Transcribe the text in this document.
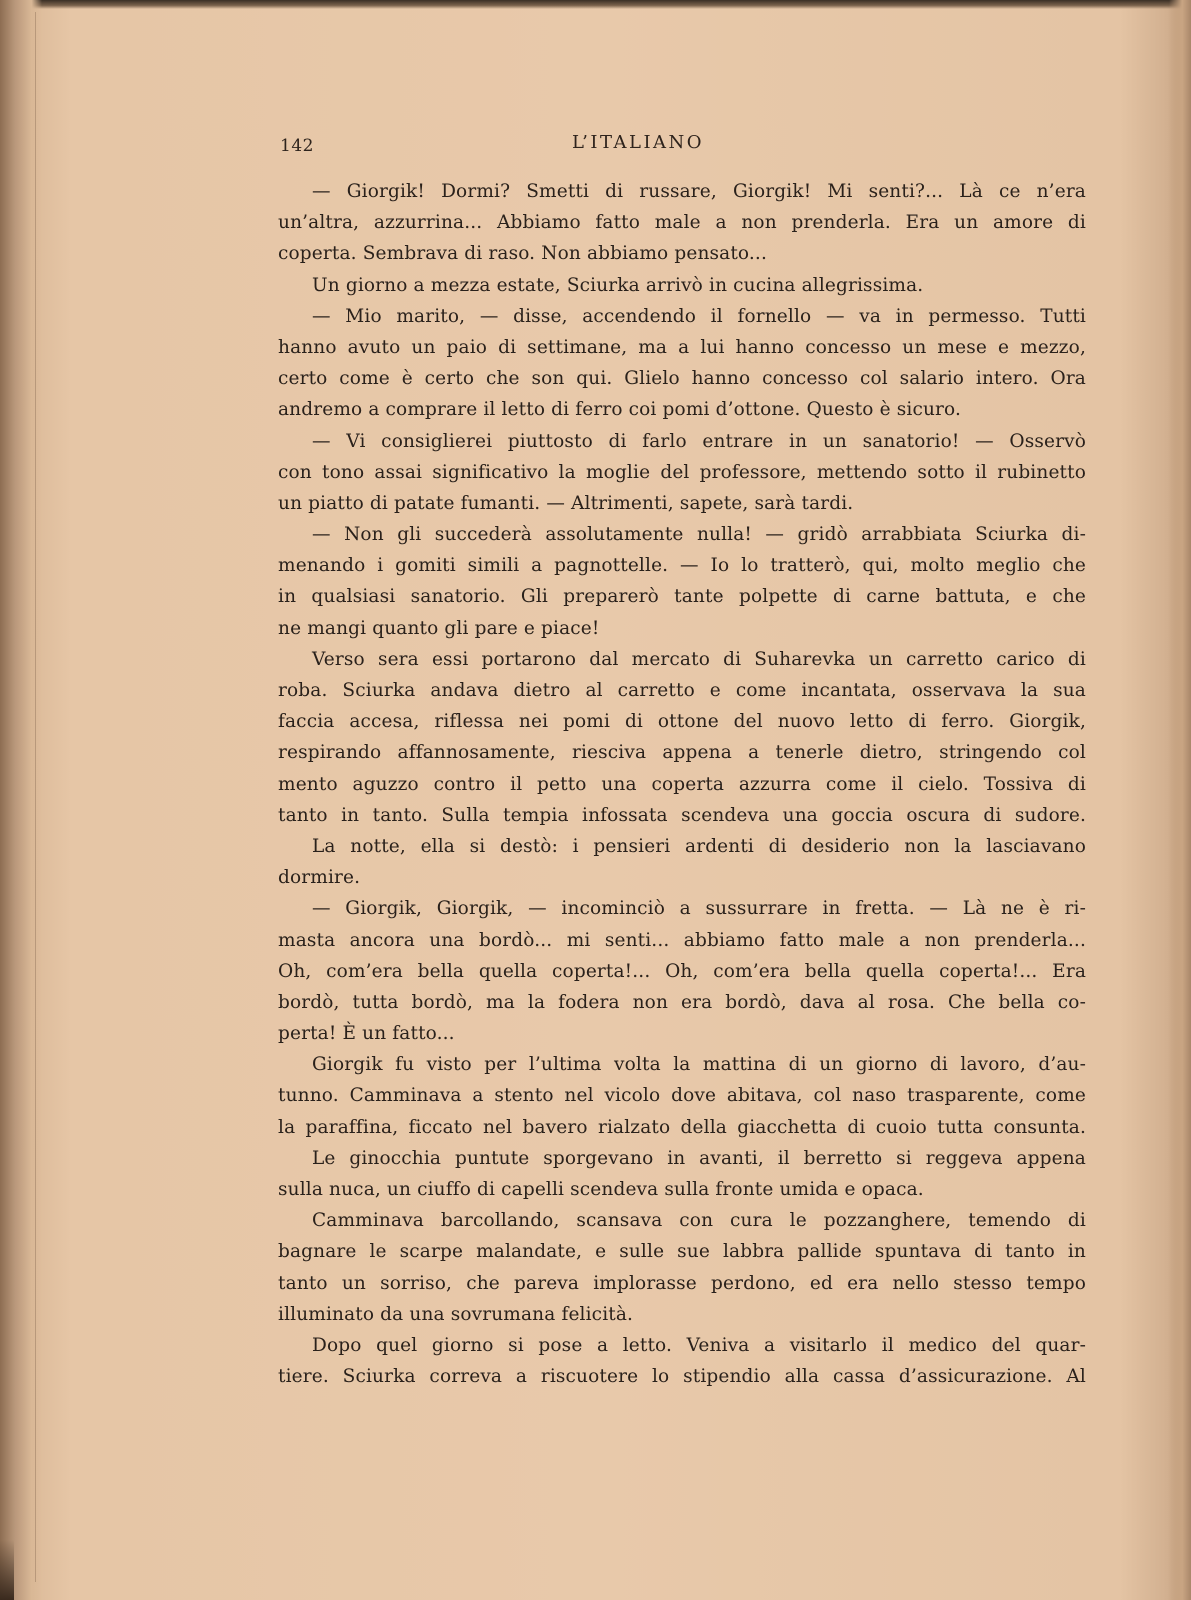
142	L’ITALIANO
— Giorgik! Dormi? Smetti di russare, Giorgik! Mi senti?... Là ce n’era
un’altra, azzurrina... Abbiamo fatto male a non prenderla. Era un amore di
coperta. Sembrava di raso. Non abbiamo pensato...
Un giorno a mezza estate, Sciurka arrivò in cucina allegrissima.
— Mio marito, — disse, accendendo il fornello — va in permesso. Tutti
hanno avuto un paio di settimane, ma a lui hanno concesso un mese e mezzo,
certo come è certo che son qui. Glielo hanno concesso col salario intero. Ora
andremo a comprare il letto di ferro coi pomi d’ottone. Questo è sicuro.
— Vi consiglierei piuttosto di farlo entrare in un sanatorio! — Osservò
con tono assai significativo la moglie del professore, mettendo sotto il rubinetto
un piatto di patate fumanti. — Altrimenti, sapete, sarà tardi.
— Non gli succederà assolutamente nulla! — gridò arrabbiata Sciurka di-
menando i gomiti simili a pagnottelle. — Io lo tratterò, qui, molto meglio che
in qualsiasi sanatorio. Gli preparerò tante polpette di carne battuta, e che
ne mangi quanto gli pare e piace!
Verso sera essi portarono dal mercato di Suharevka un carretto carico di
roba. Sciurka andava dietro al carretto e come incantata, osservava la sua
faccia accesa, riflessa nei pomi di ottone del nuovo letto di ferro. Giorgik,
respirando affannosamente, riesciva appena a tenerle dietro, stringendo col
mento aguzzo contro il petto una coperta azzurra come il cielo. Tossiva di
tanto in tanto. Sulla tempia infossata scendeva una goccia oscura di sudore.
La notte, ella si destò: i pensieri ardenti di desiderio non la lasciavano
dormire.
— Giorgik, Giorgik, — incominciò a sussurrare in fretta. — Là ne è ri-
masta ancora una bordò... mi senti... abbiamo fatto male a non prenderla...
Oh, com’era bella quella coperta!... Oh, com’era bella quella coperta!... Era
bordò, tutta bordò, ma la fodera non era bordò, dava al rosa. Che bella co-
perta! È un fatto...
Giorgik fu visto per l’ultima volta la mattina di un giorno di lavoro, d’au-
tunno. Camminava a stento nel vicolo dove abitava, col naso trasparente, come
la paraffina, ficcato nel bavero rialzato della giacchetta di cuoio tutta consunta.
Le ginocchia puntute sporgevano in avanti, il berretto si reggeva appena
sulla nuca, un ciuffo di capelli scendeva sulla fronte umida e opaca.
Camminava barcollando, scansava con cura le pozzanghere, temendo di
bagnare le scarpe malandate, e sulle sue labbra pallide spuntava di tanto in
tanto un sorriso, che pareva implorasse perdono, ed era nello stesso tempo
illuminato da una sovrumana felicità.
Dopo quel giorno si pose a letto. Veniva a visitarlo il medico del quar-
tiere. Sciurka correva a riscuotere lo stipendio alla cassa d’assicurazione. Al
